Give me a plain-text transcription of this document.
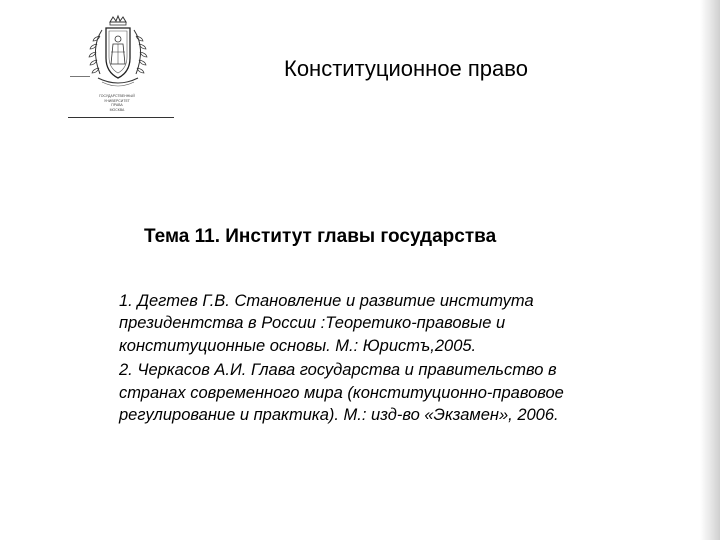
ГОСУДАРСТВЕННЫЙ
УНИВЕРСИТЕТ
ПРАВА
МОСКВА
Конституционное право
Тема 11. Институт главы государства

1. Дегтев Г.В. Становление и развитие института президентства в России :Теоретико-правовые и конституционные основы. М.: Юристъ,2005.

2. Черкасов А.И. Глава государства и правительство в странах современного мира (конституционно-правовое регулирование и практика). М.: изд-во «Экзамен», 2006.
